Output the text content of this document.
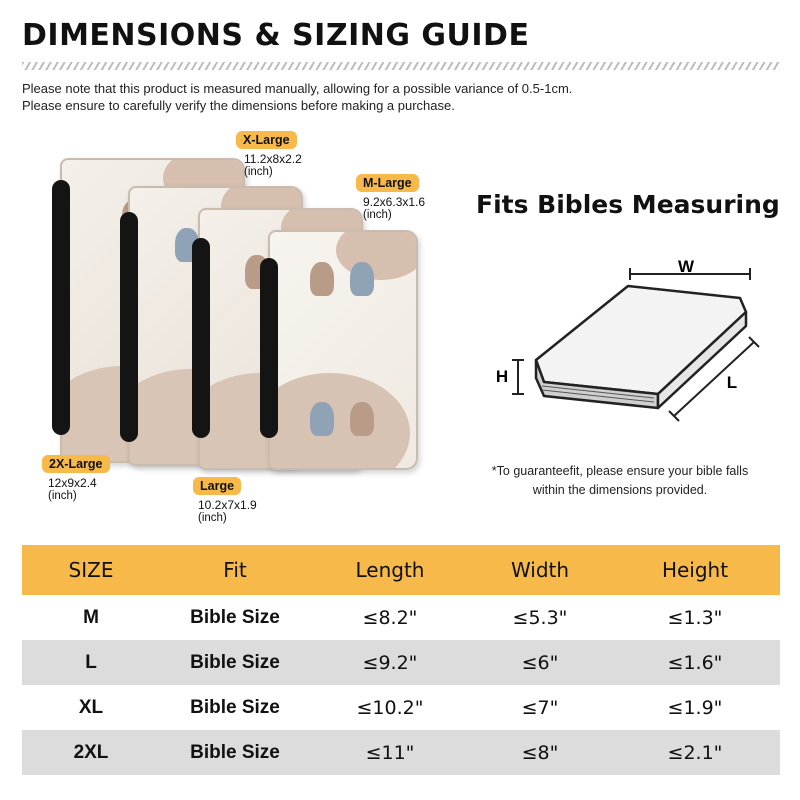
DIMENSIONS & SIZING GUIDE
Please note that this product is measured manually, allowing for a possible variance of 0.5-1cm.
Please ensure to carefully verify the dimensions before making a purchase.
X-Large
11.2x8x2.2
(inch)
M-Large
9.2x6.3x1.6
(inch)
2X-Large
12x9x2.4
(inch)
Large
10.2x7x1.9
(inch)
Fits Bibles Measuring
W
H	L
*To guaranteefit, please ensure your bible falls
within the dimensions provided.
SIZE	Fit	Length	Width	Height
M	Bible Size	≤8.2"	≤5.3"	≤1.3"
L	Bible Size	≤9.2"	≤6"	≤1.6"
XL	Bible Size	≤10.2"	≤7"	≤1.9"
2XL	Bible Size	≤11"	≤8"	≤2.1"
